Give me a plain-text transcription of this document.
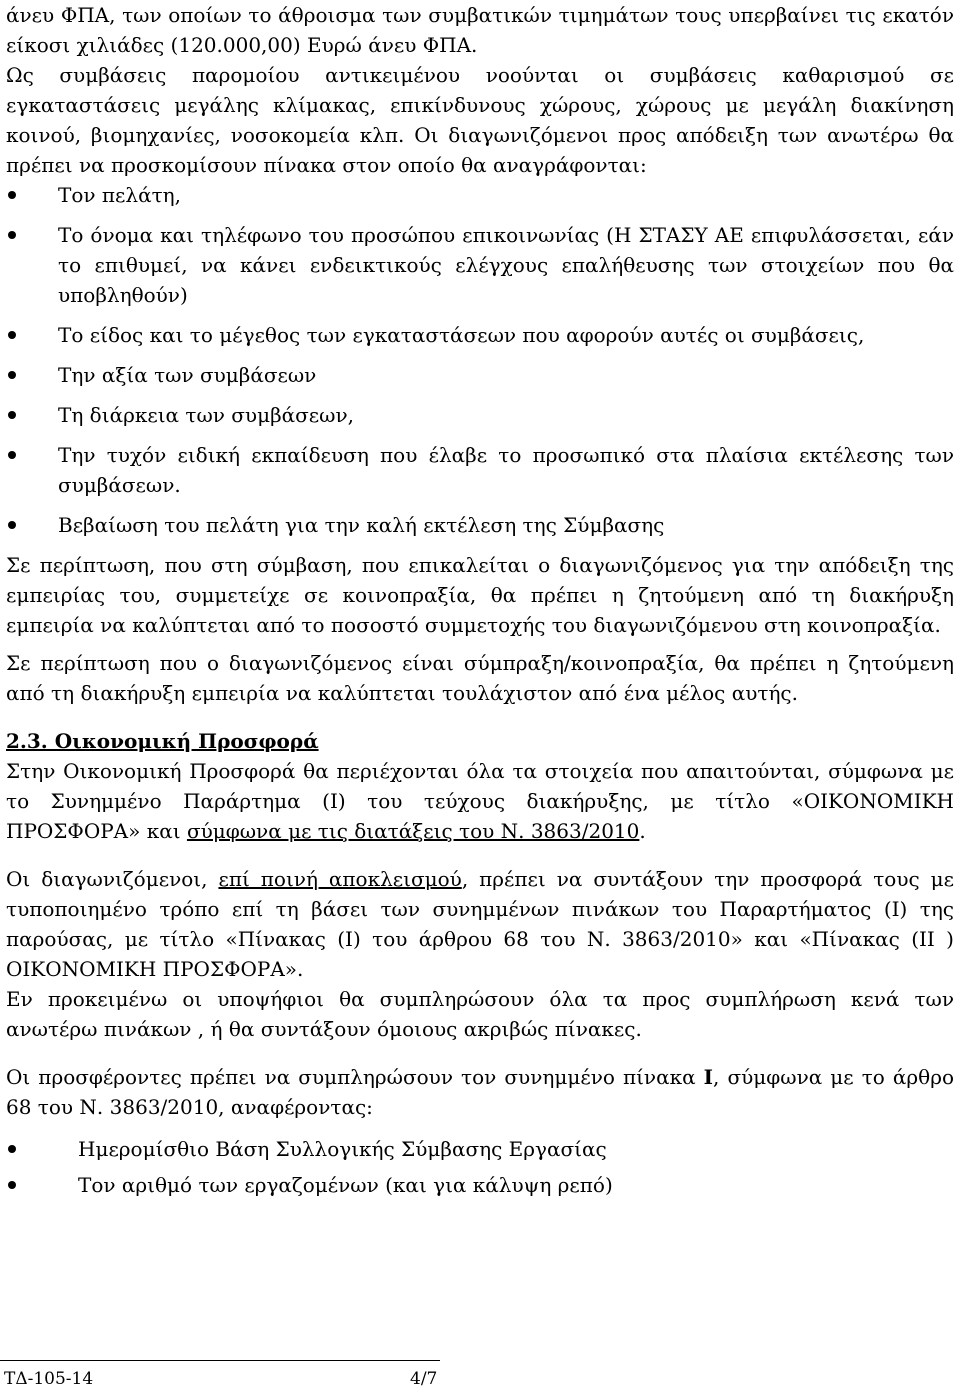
άνευ ΦΠΑ, των οποίων το άθροισμα των συμβατικών τιμημάτων τους υπερβαίνει τις εκατόν είκοσι χιλιάδες (120.000,00) Ευρώ άνευ ΦΠΑ.

Ως συμβάσεις παρομοίου αντικειμένου νοούνται οι συμβάσεις καθαρισμού σε εγκαταστάσεις μεγάλης κλίμακας, επικίνδυνους χώρους, χώρους με μεγάλη διακίνηση κοινού, βιομηχανίες, νοσοκομεία κλπ. Οι διαγωνιζόμενοι προς απόδειξη των ανωτέρω θα πρέπει να προσκομίσουν πίνακα στον οποίο θα αναγράφονται:

Τον πελάτη,
Το όνομα και τηλέφωνο του προσώπου επικοινωνίας (Η ΣΤΑΣΥ ΑΕ επιφυλάσσεται, εάν το επιθυμεί, να κάνει ενδεικτικούς ελέγχους επαλήθευσης των στοιχείων που θα υποβληθούν)
Το είδος και το μέγεθος των εγκαταστάσεων που αφορούν αυτές οι συμβάσεις,
Την αξία των συμβάσεων
Τη διάρκεια των συμβάσεων,
Την τυχόν ειδική εκπαίδευση που έλαβε το προσωπικό στα πλαίσια εκτέλεσης των συμβάσεων.
Βεβαίωση του πελάτη για την καλή εκτέλεση της Σύμβασης

Σε περίπτωση, που στη σύμβαση, που επικαλείται ο διαγωνιζόμενος για την απόδειξη της εμπειρίας του, συμμετείχε σε κοινοπραξία, θα πρέπει η ζητούμενη από τη διακήρυξη εμπειρία να καλύπτεται από το ποσοστό συμμετοχής του διαγωνιζόμενου στη κοινοπραξία.

Σε περίπτωση που ο διαγωνιζόμενος είναι σύμπραξη/κοινοπραξία, θα πρέπει η ζητούμενη από τη διακήρυξη εμπειρία να καλύπτεται τουλάχιστον από ένα μέλος αυτής.

2.3. Οικονομική Προσφορά

Στην Οικονομική Προσφορά θα περιέχονται όλα τα στοιχεία που απαιτούνται, σύμφωνα με το Συνημμένο Παράρτημα (Ι) του τεύχους διακήρυξης, με τίτλο «ΟΙΚΟΝΟΜΙΚΗ ΠΡΟΣΦΟΡΑ» και σύμφωνα με τις διατάξεις του Ν. 3863/2010.

Οι διαγωνιζόμενοι, επί ποινή αποκλεισμού, πρέπει να συντάξουν την προσφορά τους με τυποποιημένο τρόπο επί τη βάσει των συνημμένων πινάκων του Παραρτήματος (Ι) της παρούσας, με τίτλο «Πίνακας (Ι) του άρθρου 68 του Ν. 3863/2010» και «Πίνακας (ΙΙ ) ΟΙΚΟΝΟΜΙΚΗ ΠΡΟΣΦΟΡΑ».

Εν προκειμένω οι υποψήφιοι θα συμπληρώσουν όλα τα προς συμπλήρωση κενά των ανωτέρω πινάκων , ή θα συντάξουν όμοιους ακριβώς πίνακες.

Οι προσφέροντες πρέπει να συμπληρώσουν τον συνημμένο πίνακα Ι, σύμφωνα με το άρθρο 68 του Ν. 3863/2010, αναφέροντας:

Ημερομίσθιο Βάση Συλλογικής Σύμβασης Εργασίας
Τον αριθμό των εργαζομένων (και για κάλυψη ρεπό)
ΤΔ-105-14	4/7
